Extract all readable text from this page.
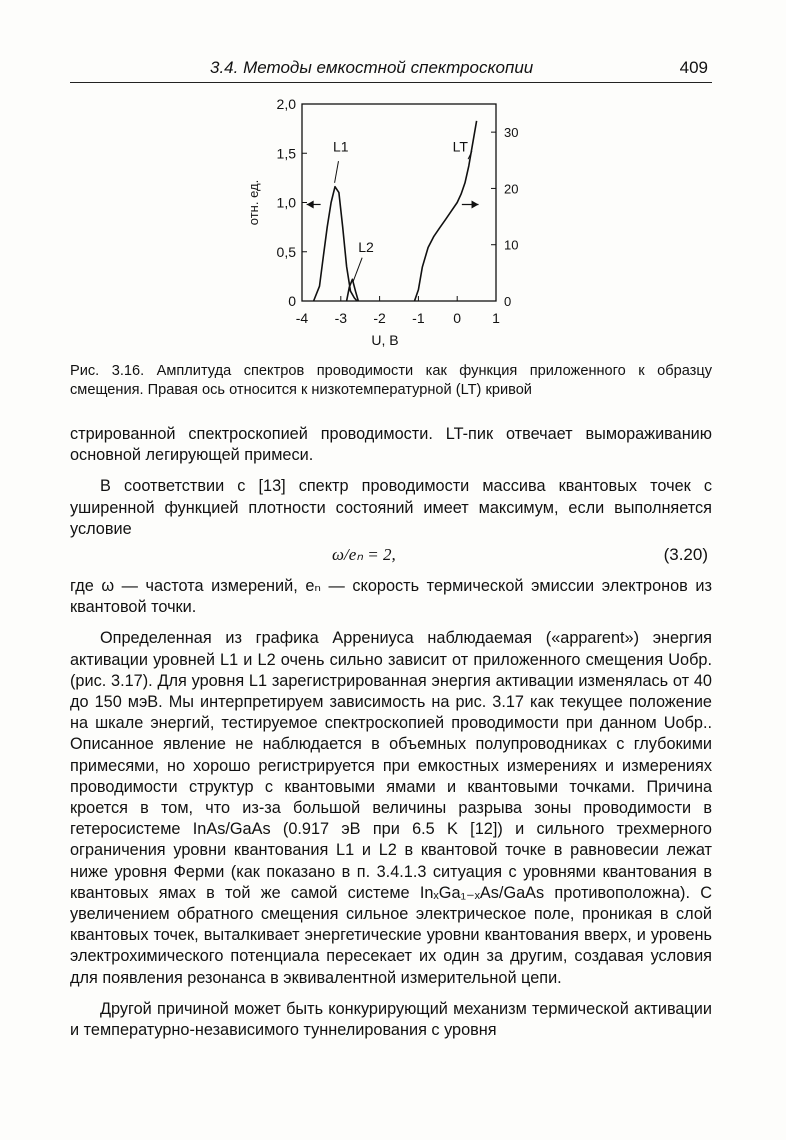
3.4. Методы емкостной спектроскопии	409
-4 -3 -2 -1 0 1
0
0,5
1,0
1,5
2,0
0
10
20
30
U, В
отн. ед.
L1
L2
LT

Рис. 3.16. Амплитуда спектров проводимости как функция приложенного к образцу смещения. Правая ось относится к низкотемпературной (LT) кривой

стрированной спектроскопией проводимости. LT-пик отвечает вымораживанию основной легирующей примеси.

В соответствии с [13] спектр проводимости массива квантовых точек с уширенной функцией плотности состояний имеет максимум, если выполняется условие

ω/eₙ = 2,	(3.20)

где ω — частота измерений, eₙ — скорость термической эмиссии электронов из квантовой точки.

Определенная из графика Аррениуса наблюдаемая («apparent») энергия активации уровней L1 и L2 очень сильно зависит от приложенного смещения Uобр. (рис. 3.17). Для уровня L1 зарегистрированная энергия активации изменялась от 40 до 150 мэВ. Мы интерпретируем зависимость на рис. 3.17 как текущее положение на шкале энергий, тестируемое спектроскопией проводимости при данном Uобр.. Описанное явление не наблюдается в объемных полупроводниках с глубокими примесями, но хорошо регистрируется при емкостных измерениях и измерениях проводимости структур с квантовыми ямами и квантовыми точками. Причина кроется в том, что из-за большой величины разрыва зоны проводимости в гетеросистеме InAs/GaAs (0.917 эВ при 6.5 K [12]) и сильного трехмерного ограничения уровни квантования L1 и L2 в квантовой точке в равновесии лежат ниже уровня Ферми (как показано в п. 3.4.1.3 ситуация с уровнями квантования в квантовых ямах в той же самой системе InₓGa₁₋ₓAs/GaAs противоположна). С увеличением обратного смещения сильное электрическое поле, проникая в слой квантовых точек, выталкивает энергетические уровни квантования вверх, и уровень электрохимического потенциала пересекает их один за другим, создавая условия для появления резонанса в эквивалентной измерительной цепи.

Другой причиной может быть конкурирующий механизм термической активации и температурно-независимого туннелирования с уровня
